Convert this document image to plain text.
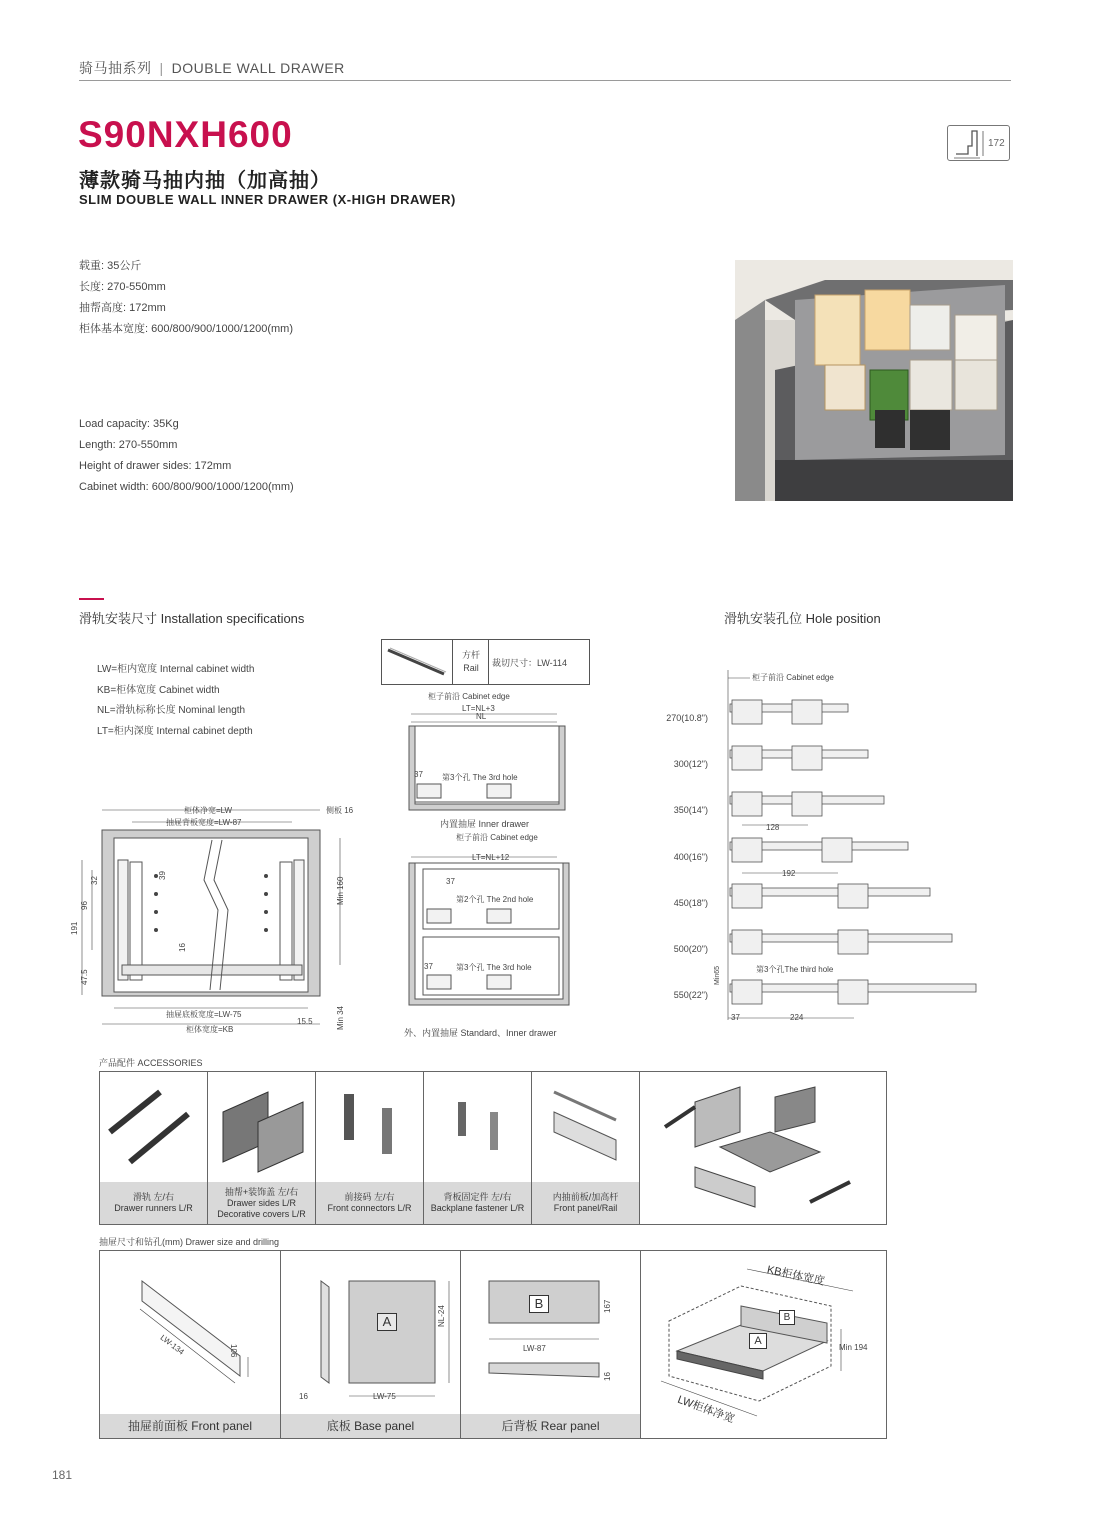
骑马抽系列 | DOUBLE WALL DRAWER
S90NXH600
薄款骑马抽内抽（加高抽）
SLIM DOUBLE WALL INNER DRAWER (X-HIGH DRAWER)
172
载重: 35公斤
长度: 270-550mm
抽帮高度: 172mm
柜体基本宽度: 600/800/900/1000/1200(mm)
Load capacity: 35Kg
Length: 270-550mm
Height of drawer sides: 172mm
Cabinet width: 600/800/900/1000/1200(mm)
滑轨安装尺寸 Installation specifications	滑轨安装孔位 Hole position
LW=柜内宽度 Internal cabinet width
KB=柜体宽度 Cabinet width
NL=滑轨标称长度 Nominal length
LT=柜内深度 Internal cabinet depth
方杆
Rail	裁切尺寸：LW-114
柜体净宽=LW
抽屉背板宽度=LW-87
侧板 16
抽屉底板宽度=LW-75
柜体宽度=KB
Min 160
Min 34
15.5
16
191
96
32
39
47.5
柜子前沿 Cabinet edge
LT=NL+3
NL
37 第3个孔 The 3rd hole
内置抽屉 Inner drawer
柜子前沿 Cabinet edge
LT=NL+12
37
第2个孔 The 2nd hole
37	第3个孔 The 3rd hole
外、内置抽屉 Standard、Inner drawer
柜子前沿 Cabinet edge
270(10.8")
300(12")
350(14")
400(16")
450(18")
500(20")
550(22")
128
192
224
37
Min65	第3个孔The third hole
产品配件 ACCESSORIES
滑轨 左/右
Drawer runners L/R
抽帮+装饰盖 左/右
Drawer sides L/R
Decorative covers L/R
前接码 左/右
Front connectors L/R
背板固定件 左/右
Backplane fastener L/R
内抽前板/加高杆
Front panel/Rail
抽屉尺寸和钻孔(mm) Drawer size and drilling
LW-134	106
抽屉前面板 Front panel
A	NL-24
16	LW-75
底板 Base panel
B	167
LW-87
16
后背板 Rear panel
A
B
KB柜体宽度
LW柜体净宽
Min 194
181
